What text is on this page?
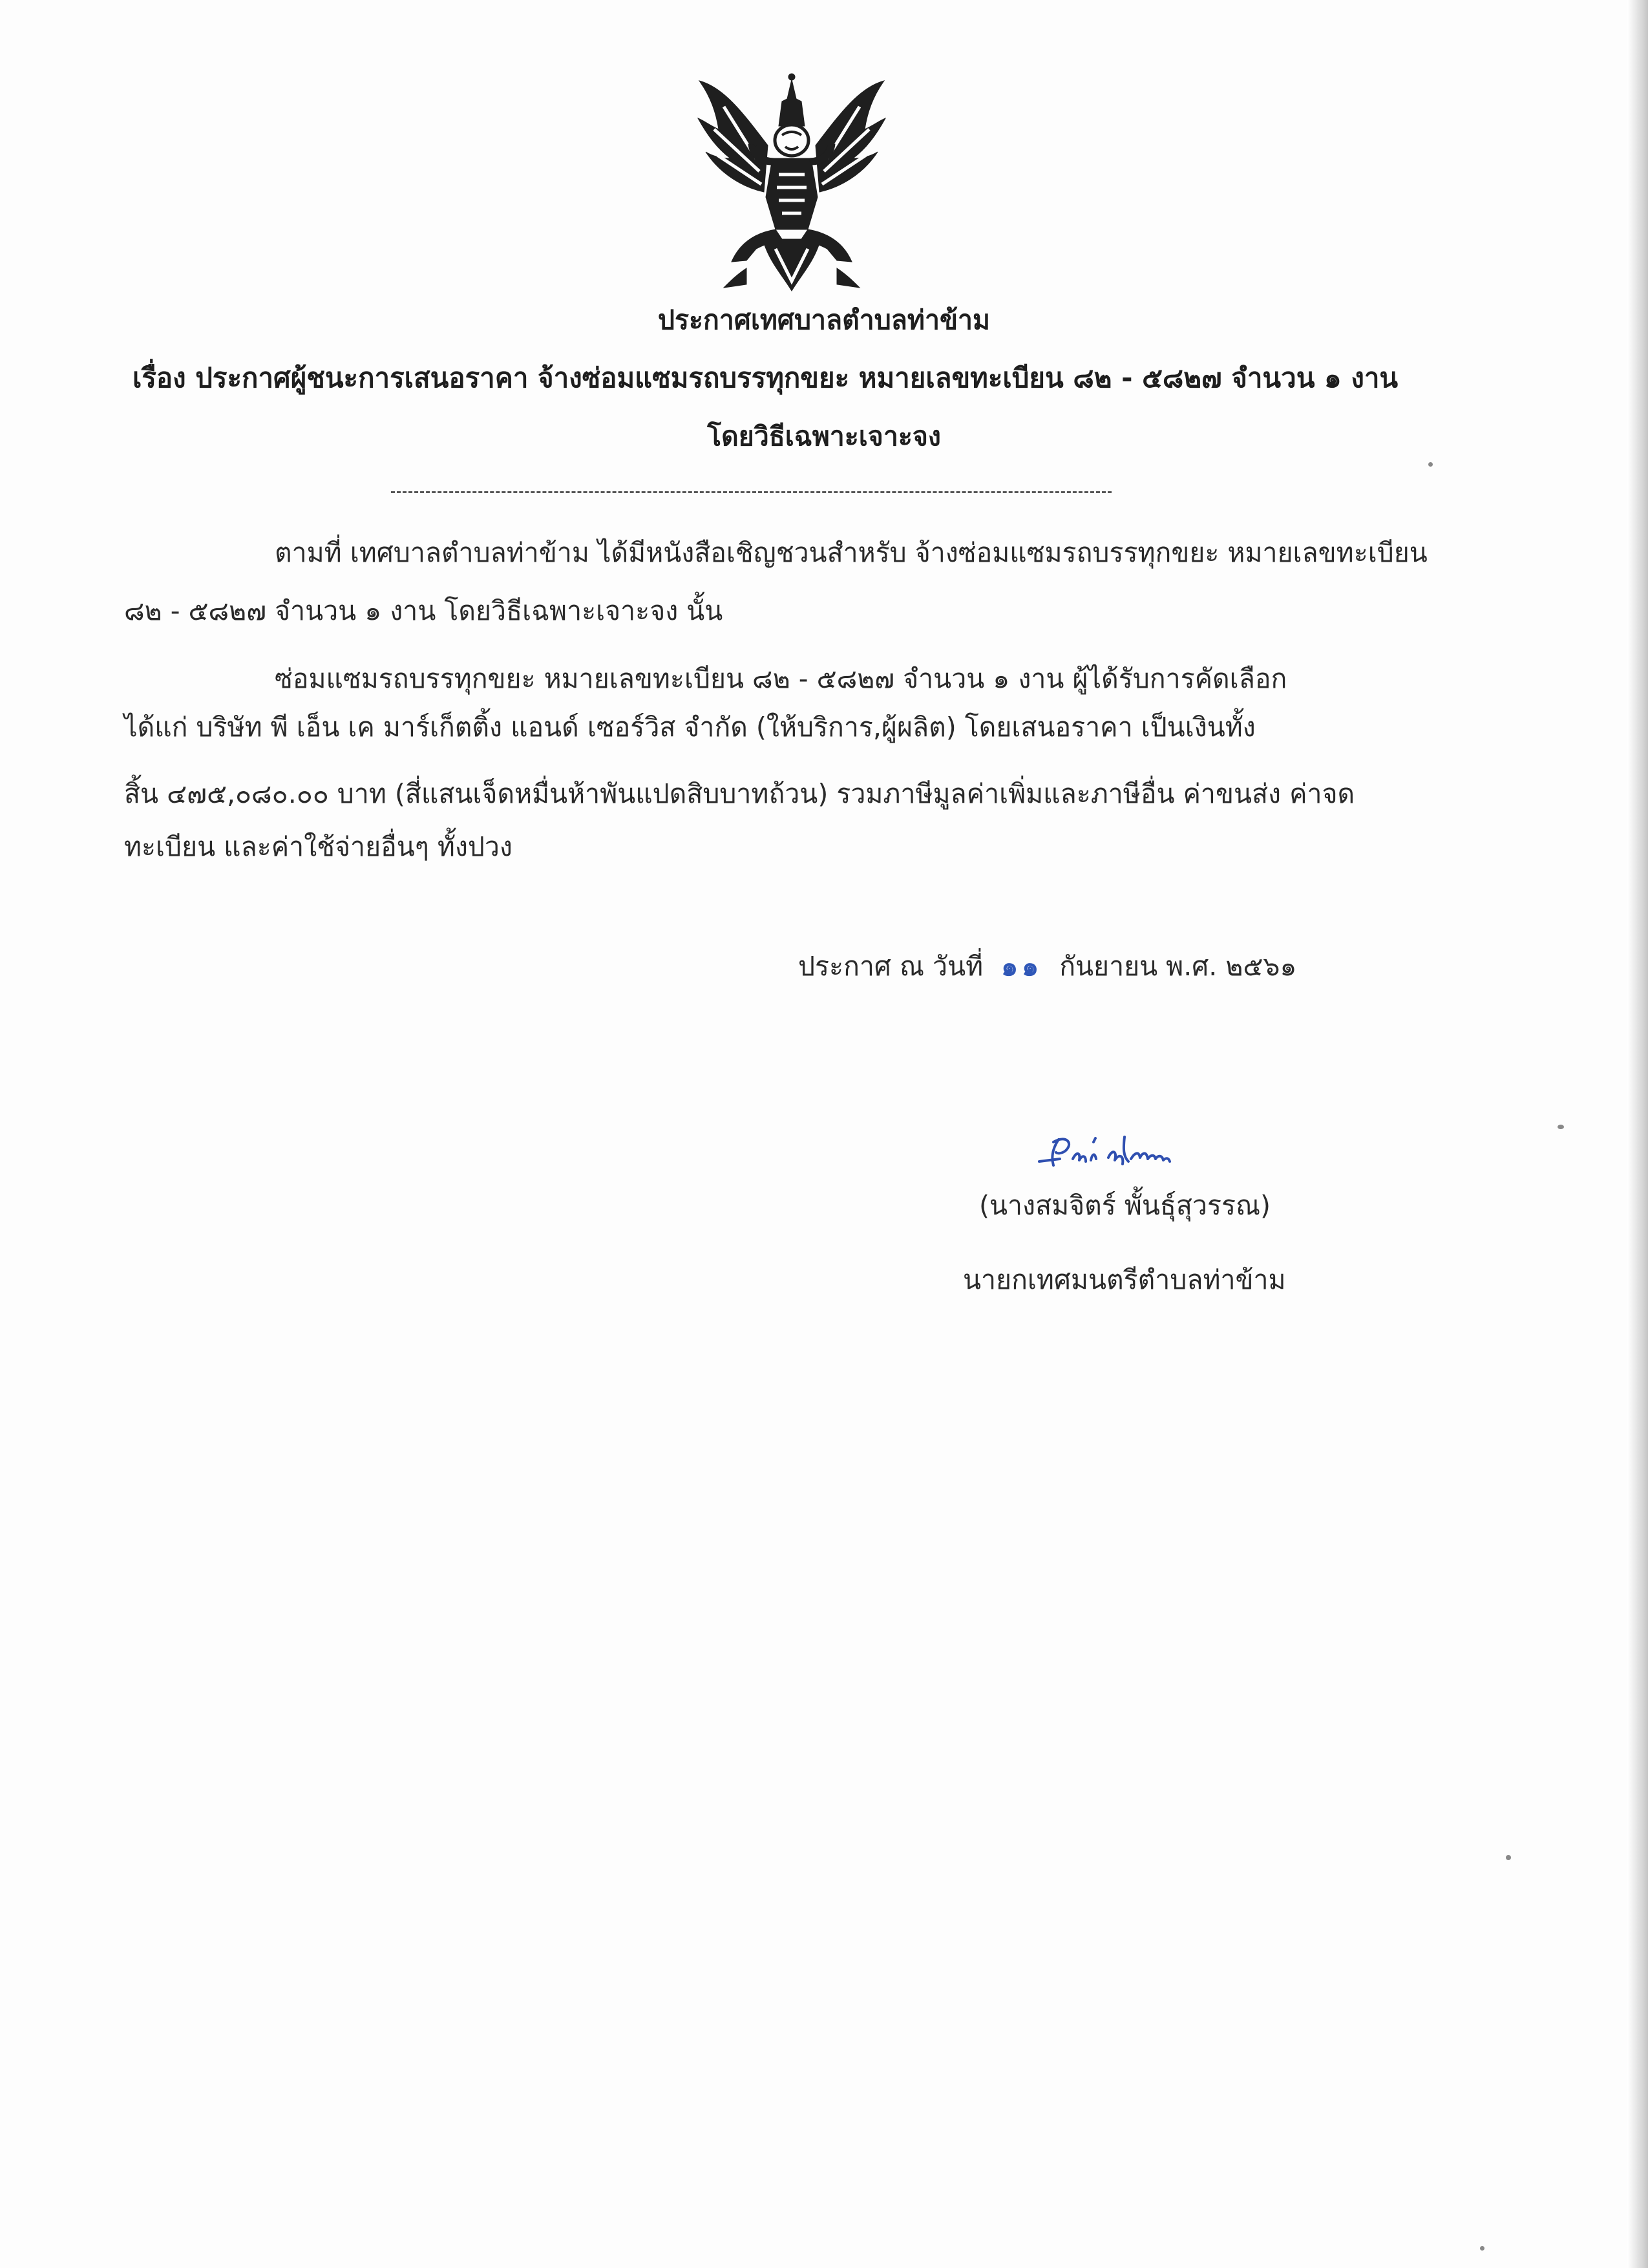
ประกาศเทศบาลตำบลท่าข้าม
เรื่อง ประกาศผู้ชนะการเสนอราคา จ้างซ่อมแซมรถบรรทุกขยะ หมายเลขทะเบียน ๘๒ - ๕๘๒๗ จำนวน ๑ งาน
โดยวิธีเฉพาะเจาะจง
ตามที่ เทศบาลตำบลท่าข้าม ได้มีหนังสือเชิญชวนสำหรับ จ้างซ่อมแซมรถบรรทุกขยะ หมายเลขทะเบียน
๘๒ - ๕๘๒๗ จำนวน ๑ งาน โดยวิธีเฉพาะเจาะจง นั้น
ซ่อมแซมรถบรรทุกขยะ หมายเลขทะเบียน ๘๒ - ๕๘๒๗ จำนวน ๑ งาน ผู้ได้รับการคัดเลือก
ได้แก่ บริษัท พี เอ็น เค มาร์เก็ตติ้ง แอนด์ เซอร์วิส จำกัด (ให้บริการ,ผู้ผลิต) โดยเสนอราคา เป็นเงินทั้ง
สิ้น ๔๗๕,๐๘๐.๐๐ บาท (สี่แสนเจ็ดหมื่นห้าพันแปดสิบบาทถ้วน) รวมภาษีมูลค่าเพิ่มและภาษีอื่น ค่าขนส่ง ค่าจด
ทะเบียน และค่าใช้จ่ายอื่นๆ ทั้งปวง
ประกาศ ณ วันที่ ๑๑ กันยายน พ.ศ. ๒๕๖๑
(นางสมจิตร์ พั้นธุ์สุวรรณ)
นายกเทศมนตรีตำบลท่าข้าม
